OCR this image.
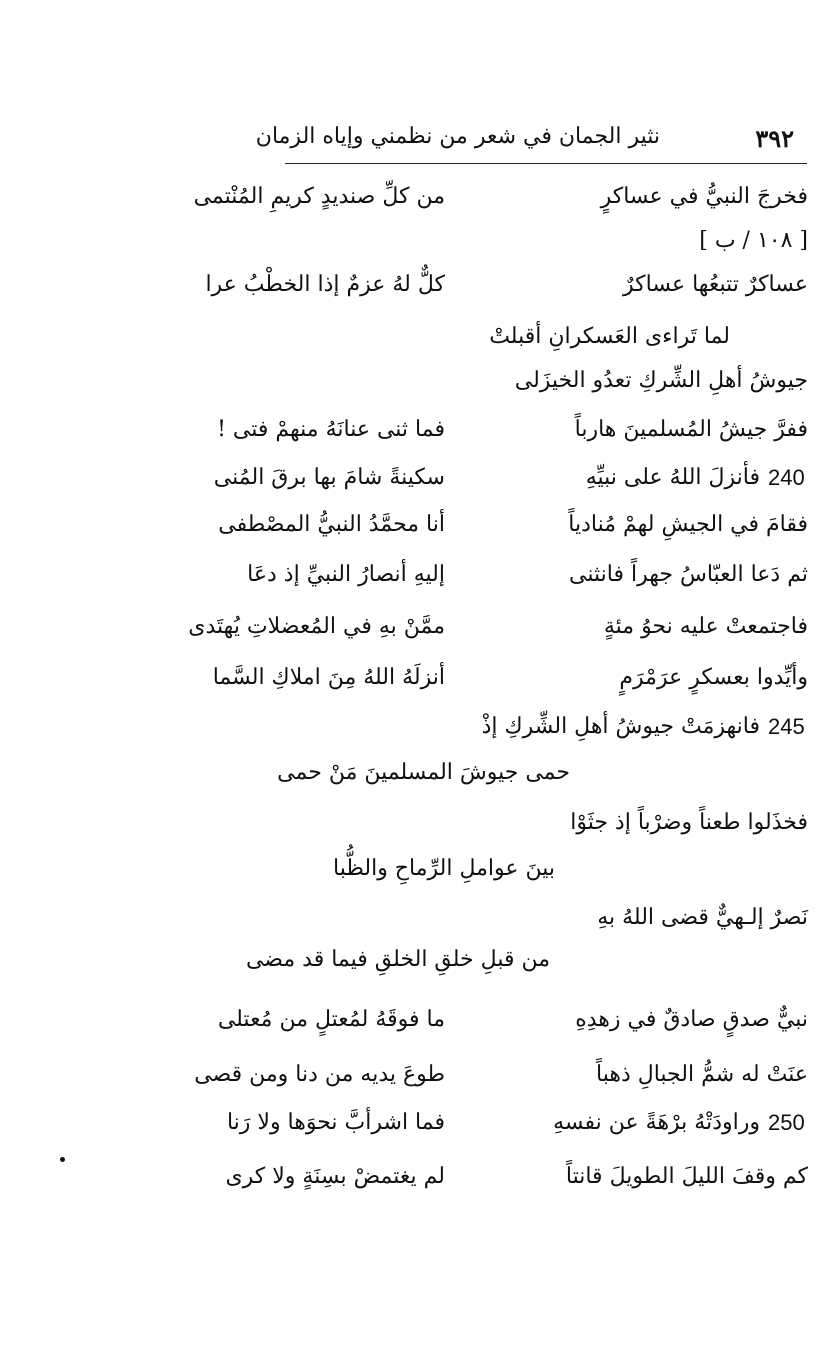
٣٩٢
نثير الجمان في شعر من نظمني وإياه الزمان
فخرجَ النبيُّ في عساكرٍ
من كلِّ صنديدٍ كريمِ المُنْتمى
[ ١٠٨ / ب ]
عساكرٌ تتبعُها عساكرٌ
كلٌّ لهُ عزمٌ إذا الخطْبُ عرا
لما تَراءى العَسكرانِ أقبلتْ
جيوشُ أهلِ الشِّركِ تعدُو الخيزَلى
ففرَّ جيشُ المُسلمينَ هارباً
فما ثنى عنانَهُ منهمْ فتى !
240
فأنزلَ اللهُ على نبيِّهِ
سكينةً شامَ بها برقَ المُنى
فقامَ في الجيشِ لهمْ مُنادياً
أنا محمَّدُ النبيُّ المصْطفى
ثم دَعا العبّاسُ جهراً فانثنى
إليهِ أنصارُ النبيِّ إذ دعَا
فاجتمعتْ عليه نحوُ مئةٍ
ممَّنْ بهِ في المُعضلاتِ يُهتَدى
وأيِّدوا بعسكرٍ عرَمْرَمٍ
أنزلَهُ اللهُ مِنَ املاكِ السَّما
245
فانهزمَتْ جيوشُ أهلِ الشِّركِ إذْ
حمى جيوشَ المسلمينَ مَنْ حمى
فخذَلوا طعناً وضرْباً إذ جثَوْا
بينَ عواملِ الرِّماحِ والظُّبا
نَصرٌ إلـهيٌّ قضى اللهُ بهِ
من قبلِ خلقِ الخلقِ فيما قد مضى
نبيٌّ صدقٍ صادقٌ في زهدِهِ
ما فوقَهُ لمُعتلٍ من مُعتلى
عنَتْ له شمُّ الجبالِ ذهباً
طوعَ يديه من دنا ومن قصى
250
وراودَتْهُ برْهَةً عن نفسهِ
فما اشرأبَّ نحوَها ولا رَنا
كم وقفَ الليلَ الطويلَ قانتاً
لم يغتمضْ بسِنَةٍ ولا كرى
